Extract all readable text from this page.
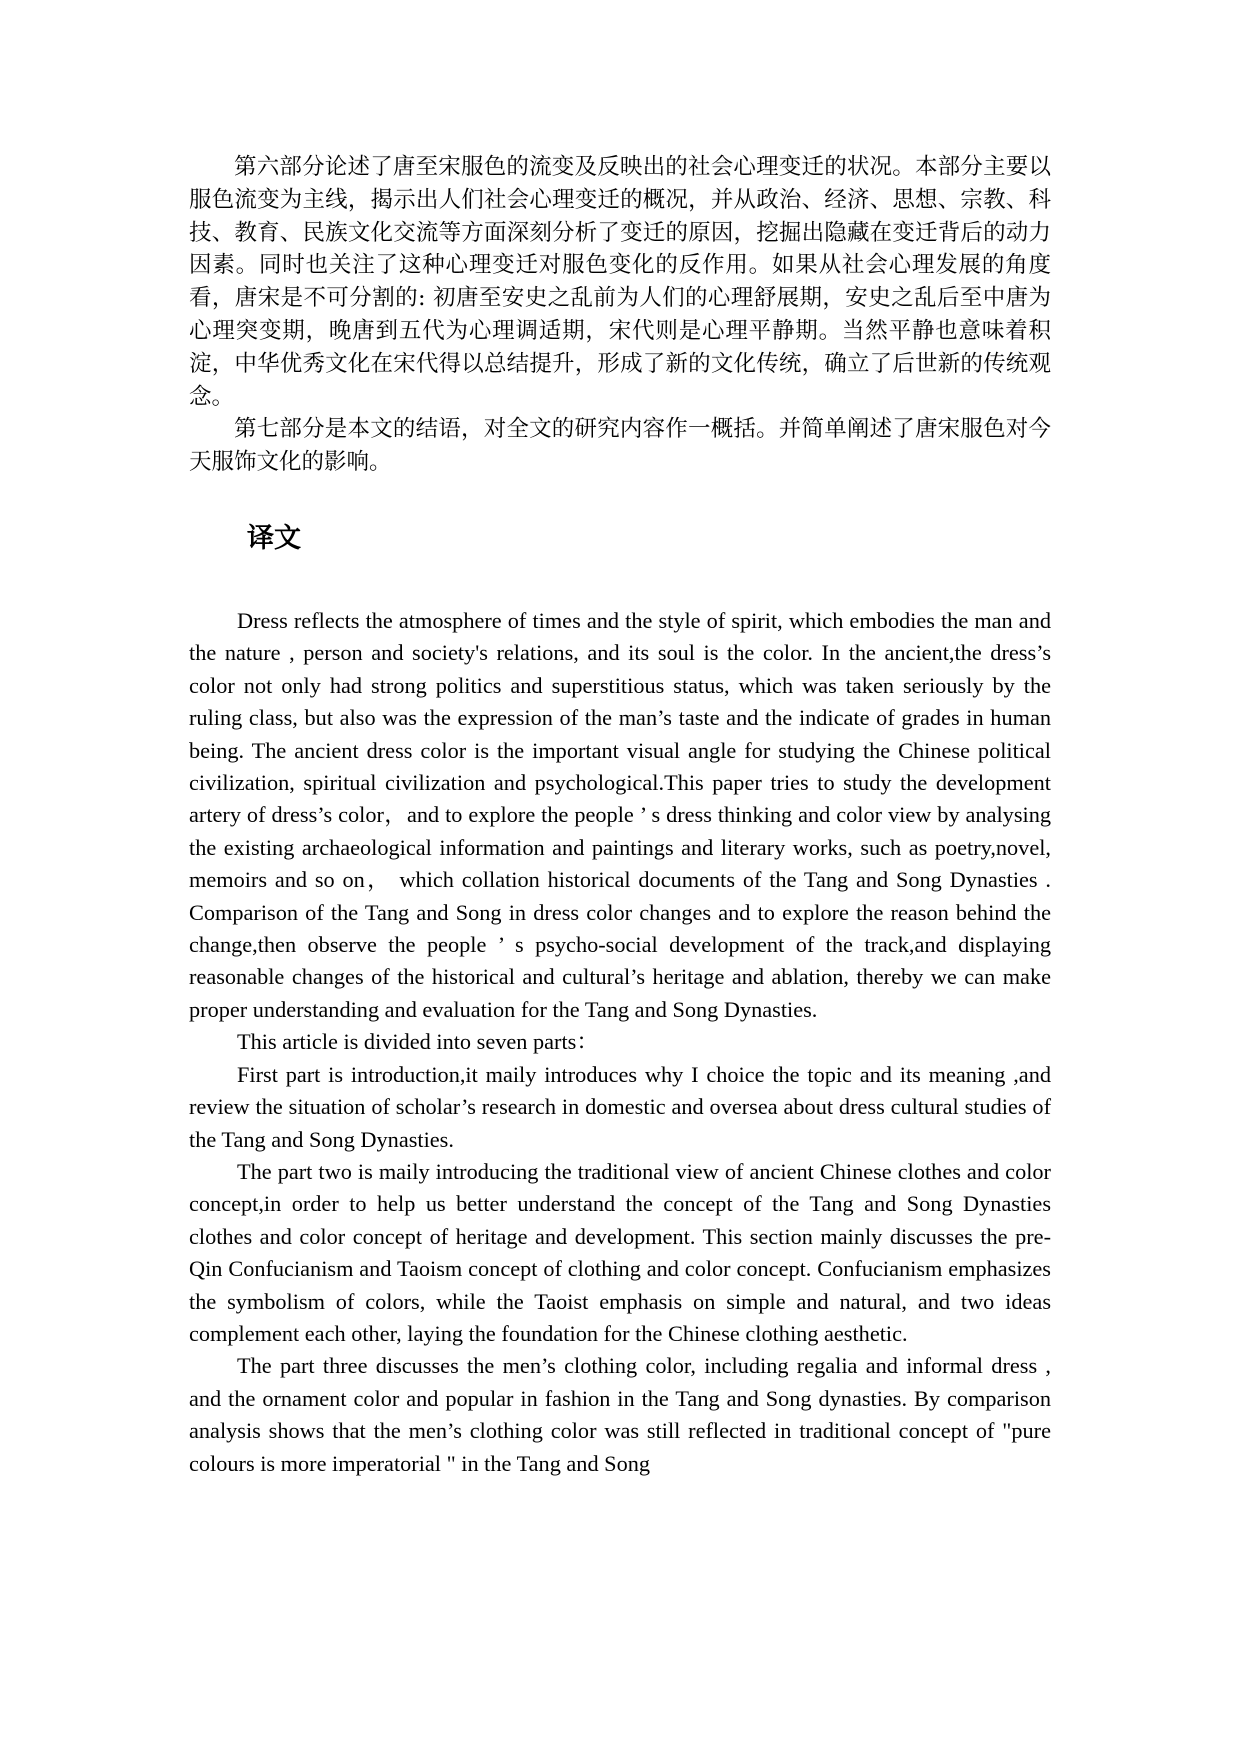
第六部分论述了唐至宋服色的流变及反映出的社会心理变迁的状况。本部分主要以服色流变为主线，揭示出人们社会心理变迁的概况，并从政治、经济、思想、宗教、科技、教育、民族文化交流等方面深刻分析了变迁的原因，挖掘出隐藏在变迁背后的动力因素。同时也关注了这种心理变迁对服色变化的反作用。如果从社会心理发展的角度看，唐宋是不可分割的: 初唐至安史之乱前为人们的心理舒展期，安史之乱后至中唐为心理突变期，晚唐到五代为心理调适期，宋代则是心理平静期。当然平静也意味着积淀，中华优秀文化在宋代得以总结提升，形成了新的文化传统，确立了后世新的传统观念。

第七部分是本文的结语，对全文的研究内容作一概括。并简单阐述了唐宋服色对今天服饰文化的影响。

译文

Dress reflects the atmosphere of times and the style of spirit, which embodies the man and the nature , person and society's relations, and its soul is the color. In the ancient,the dress’s color not only had strong politics and superstitious status, which was taken seriously by the ruling class, but also was the expression of the man’s taste and the indicate of grades in human being. The ancient dress color is the important visual angle for studying the Chinese political civilization, spiritual civilization and psychological.This paper tries to study the development artery of dress’s color，and to explore the people ’ s dress thinking and color view by analysing the existing archaeological information and paintings and literary works, such as poetry,novel, memoirs and so on， which collation historical documents of the Tang and Song Dynasties . Comparison of the Tang and Song in dress color changes and to explore the reason behind the change,then observe the people ’ s psycho-social development of the track,and displaying reasonable changes of the historical and cultural’s heritage and ablation, thereby we can make proper understanding and evaluation for the Tang and Song Dynasties.

This article is divided into seven parts：

First part is introduction,it maily introduces why I choice the topic and its meaning ,and review the situation of scholar’s research in domestic and oversea about dress cultural studies of the Tang and Song Dynasties.

The part two is maily introducing the traditional view of ancient Chinese clothes and color concept,in order to help us better understand the concept of the Tang and Song Dynasties clothes and color concept of heritage and development. This section mainly discusses the pre-Qin Confucianism and Taoism concept of clothing and color concept. Confucianism emphasizes the symbolism of colors, while the Taoist emphasis on simple and natural, and two ideas complement each other, laying the foundation for the Chinese clothing aesthetic.

The part three discusses the men’s clothing color, including regalia and informal dress , and the ornament color and popular in fashion in the Tang and Song dynasties. By comparison analysis shows that the men’s clothing color was still reflected in traditional concept of "pure colours is more imperatorial " in the Tang and Song
